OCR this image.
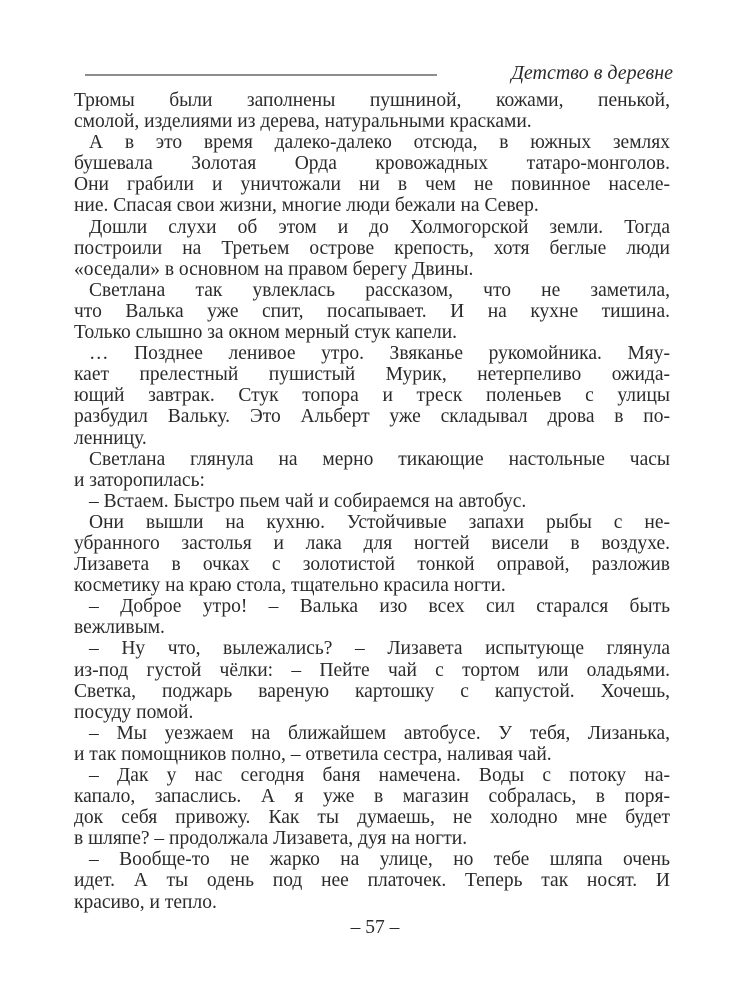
Детство в деревне
Трюмы были заполнены пушниной, кожами, пенькой,
смолой, изделиями из дерева, натуральными красками.
А в это время далеко-далеко отсюда, в южных землях
бушевала Золотая Орда кровожадных татаро-монголов.
Они грабили и уничтожали ни в чем не повинное населе-
ние. Спасая свои жизни, многие люди бежали на Север.
Дошли слухи об этом и до Холмогорской земли. Тогда
построили на Третьем острове крепость, хотя беглые люди
«оседали» в основном на правом берегу Двины.
Светлана так увлеклась рассказом, что не заметила,
что Валька уже спит, посапывает. И на кухне тишина.
Только слышно за окном мерный стук капели.
… Позднее ленивое утро. Звяканье рукомойника. Мяу-
кает прелестный пушистый Мурик, нетерпеливо ожида-
ющий завтрак. Стук топора и треск поленьев с улицы
разбудил Вальку. Это Альберт уже складывал дрова в по-
ленницу.
Светлана глянула на мерно тикающие настольные часы
и заторопилась:
– Встаем. Быстро пьем чай и собираемся на автобус.
Они вышли на кухню. Устойчивые запахи рыбы с не-
убранного застолья и лака для ногтей висели в воздухе.
Лизавета в очках с золотистой тонкой оправой, разложив
косметику на краю стола, тщательно красила ногти.
– Доброе утро! – Валька изо всех сил старался быть
вежливым.
– Ну что, вылежались? – Лизавета испытующе глянула
из-под густой чёлки: – Пейте чай с тортом или оладьями.
Светка, поджарь вареную картошку с капустой. Хочешь,
посуду помой.
– Мы уезжаем на ближайшем автобусе. У тебя, Лизанька,
и так помощников полно, – ответила сестра, наливая чай.
– Дак у нас сегодня баня намечена. Воды с потоку на-
капало, запаслись. А я уже в магазин собралась, в поря-
док себя привожу. Как ты думаешь, не холодно мне будет
в шляпе? – продолжала Лизавета, дуя на ногти.
– Вообще-то не жарко на улице, но тебе шляпа очень
идет. А ты одень под нее платочек. Теперь так носят. И
красиво, и тепло.
– 57 –
